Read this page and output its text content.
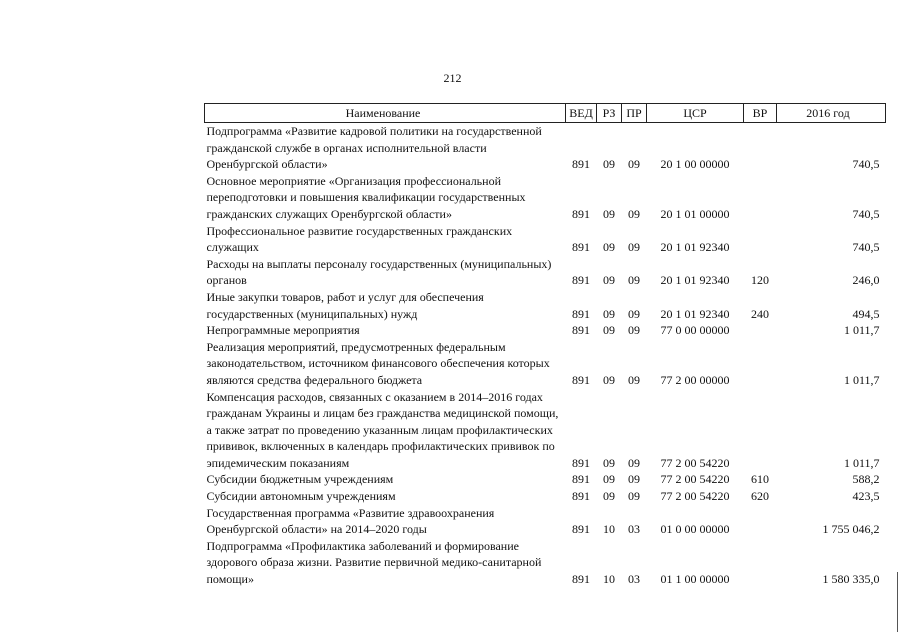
212
Наименование	ВЕД	РЗ	ПР	ЦСР	ВР	2016 год
Подпрограмма «Развитие кадровой политики на государственной гражданской службе в органах исполнительной власти Оренбургской области»	891	09	09	20 1 00 00000		740,5
Основное мероприятие «Организация профессиональной переподготовки и повышения квалификации государственных гражданских служащих Оренбургской области»	891	09	09	20 1 01 00000		740,5
Профессиональное развитие государственных гражданских служащих	891	09	09	20 1 01 92340		740,5
Расходы на выплаты персоналу государственных (муниципальных) органов	891	09	09	20 1 01 92340	120	246,0
Иные закупки товаров, работ и услуг для обеспечения государственных (муниципальных) нужд	891	09	09	20 1 01 92340	240	494,5
Непрограммные мероприятия	891	09	09	77 0 00 00000		1 011,7
Реализация мероприятий, предусмотренных федеральным законодательством, источником финансового обеспечения которых являются средства федерального бюджета	891	09	09	77 2 00 00000		1 011,7
Компенсация расходов, связанных с оказанием в 2014–2016 годах гражданам Украины и лицам без гражданства медицинской помощи, а также затрат по проведению указанным лицам профилактических прививок, включенных в календарь профилактических прививок по эпидемическим показаниям	891	09	09	77 2 00 54220		1 011,7
Субсидии бюджетным учреждениям	891	09	09	77 2 00 54220	610	588,2
Субсидии автономным учреждениям	891	09	09	77 2 00 54220	620	423,5
Государственная программа «Развитие здравоохранения Оренбургской области» на 2014–2020 годы	891	10	03	01 0 00 00000		1 755 046,2
Подпрограмма «Профилактика заболеваний и формирование здорового образа жизни. Развитие первичной медико-санитарной помощи»	891	10	03	01 1 00 00000		1 580 335,0
